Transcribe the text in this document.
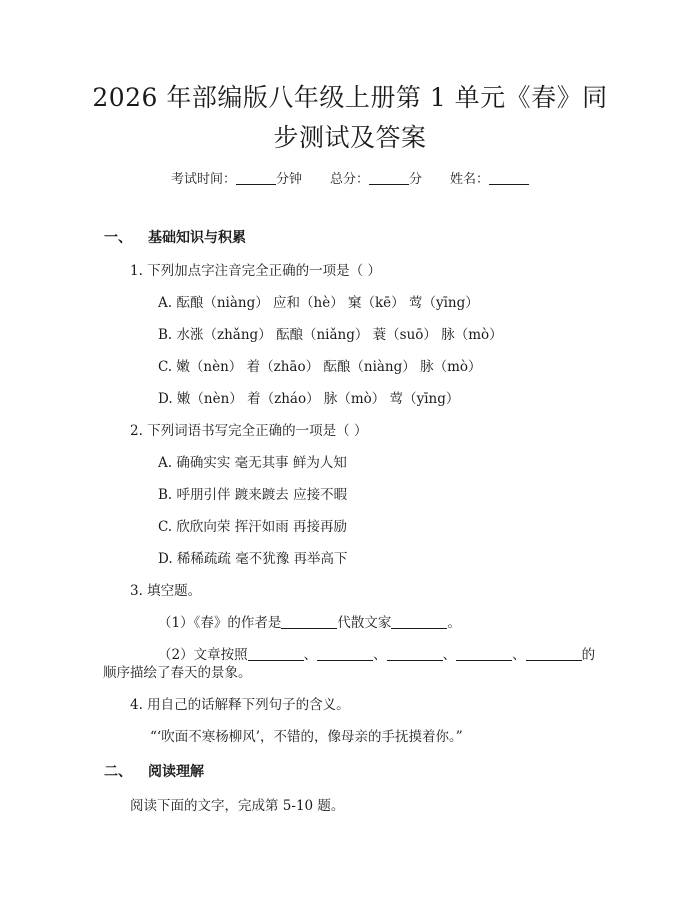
2026 年部编版八年级上册第 1 单元《春》同
步测试及答案
考试时间：	分钟 总分：	分 姓名：
一、 基础知识与积累
1. 下列加点字注音完全正确的一项是（ ）
A. 酝酿（niàng） 应和（hè） 窠（kē） 莺（yīng）
B. 水涨（zhǎng） 酝酿（niǎng） 蓑（suō） 脉（mò）
C. 嫩（nèn） 着（zhāo） 酝酿（niàng） 脉（mò）
D. 嫩（nèn） 着（zháo） 脉（mò） 莺（yīng）
2. 下列词语书写完全正确的一项是（ ）
A. 确确实实 毫无其事 鲜为人知
B. 呼朋引伴 踱来踱去 应接不暇
C. 欣欣向荣 挥汗如雨 再接再励
D. 稀稀疏疏 毫不犹豫 再举高下
3. 填空题。
（1）《春》的作者是	代散文家	。
（2）文章按照	、	、	、	、	的
顺序描绘了春天的景象。
4. 用自己的话解释下列句子的含义。
“‘吹面不寒杨柳风’，不错的，像母亲的手抚摸着你。”
二、 阅读理解
阅读下面的文字，完成第 5-10 题。
